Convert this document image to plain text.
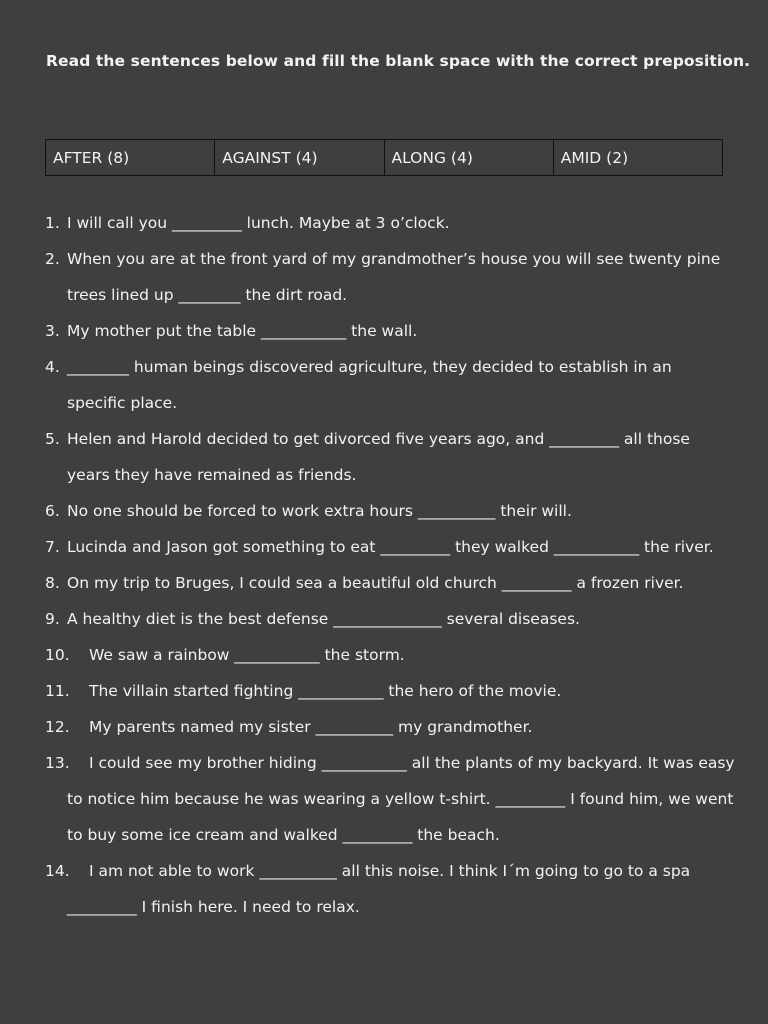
Read the sentences below and fill the blank space with the correct preposition.
AFTER (8)	AGAINST (4)	ALONG (4)	AMID (2)
1. I will call you _________ lunch. Maybe at 3 o’clock.
2. When you are at the front yard of my grandmother’s house you will see twenty pine trees lined up ________ the dirt road.
3. My mother put the table ___________ the wall.
4. ________ human beings discovered agriculture, they decided to establish in an specific place.
5. Helen and Harold decided to get divorced five years ago, and _________ all those years they have remained as friends.
6. No one should be forced to work extra hours __________ their will.
7. Lucinda and Jason got something to eat _________ they walked ___________ the river.
8. On my trip to Bruges, I could sea a beautiful old church _________ a frozen river.
9. A healthy diet is the best defense ______________ several diseases.
10. We saw a rainbow ___________ the storm.
11. The villain started fighting ___________ the hero of the movie.
12. My parents named my sister __________ my grandmother.
13. I could see my brother hiding ___________ all the plants of my backyard. It was easy to notice him because he was wearing a yellow t-shirt. _________ I found him, we went to buy some ice cream and walked _________ the beach.
14. I am not able to work __________ all this noise. I think I´m going to go to a spa _________ I finish here. I need to relax.
